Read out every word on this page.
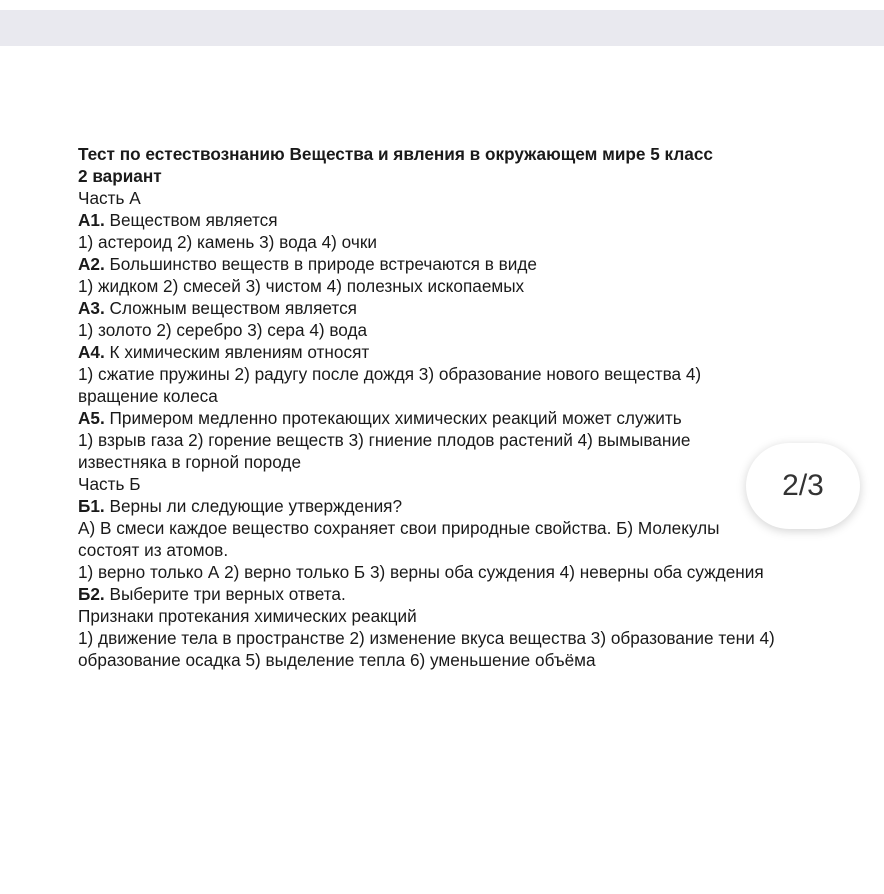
Тест по естествознанию Вещества и явления в окружающем мире 5 класс
2 вариант
Часть А
А1. Веществом является
1) астероид 2) камень 3) вода 4) очки
А2. Большинство веществ в природе встречаются в виде
1) жидком 2) смесей 3) чистом 4) полезных ископаемых
А3. Сложным веществом является
1) золото 2) серебро 3) сера 4) вода
А4. К химическим явлениям относят
1) сжатие пружины 2) радугу после дождя 3) образование нового вещества 4)
вращение колеса
А5. Примером медленно протекающих химических реакций может служить
1) взрыв газа 2) горение веществ 3) гниение плодов растений 4) вымывание
известняка в горной породе
Часть Б
Б1. Верны ли следующие утверждения?
А) В смеси каждое вещество сохраняет свои природные свойства. Б) Молекулы
состоят из атомов.
1) верно только А 2) верно только Б 3) верны оба суждения 4) неверны оба суждения
Б2. Выберите три верных ответа.
Признаки протекания химических реакций
1) движение тела в пространстве 2) изменение вкуса вещества 3) образование тени 4)
образование осадка 5) выделение тепла 6) уменьшение объёма
2/3
